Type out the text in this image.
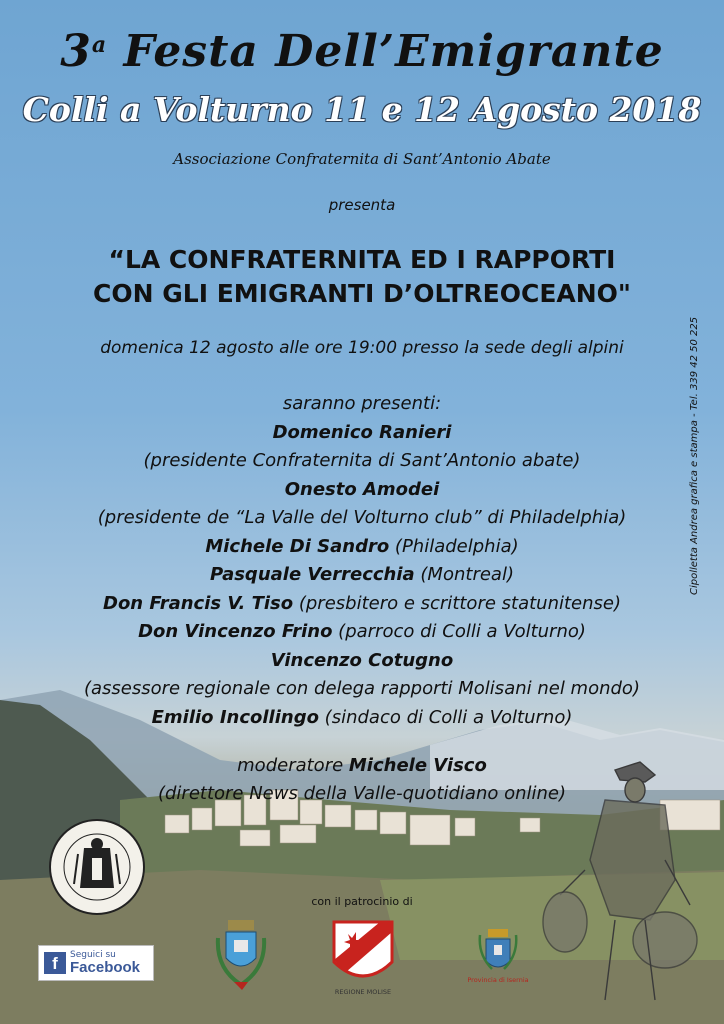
3$^a$ Festa Dell’Emigrante
Colli a Volturno 11 e 12 Agosto 2018
Associazione Confraternita di Sant’Antonio Abate
presenta
“LA CONFRATERNITA ED I RAPPORTI
CON GLI EMIGRANTI D’OLTREOCEANO"
domenica 12 agosto alle ore 19:00 presso la sede degli alpini
saranno presenti:
Domenico Ranieri
(presidente Confraternita di Sant’Antonio abate)
Onesto Amodei
(presidente de “La Valle del Volturno club” di Philadelphia)
Michele Di Sandro (Philadelphia)
Pasquale Verrecchia (Montreal)
Don Francis V. Tiso (presbitero e scrittore statunitense)
Don Vincenzo Frino (parroco di Colli a Volturno)
Vincenzo Cotugno
(assessore regionale con delega rapporti Molisani nel mondo)
Emilio Incollingo (sindaco di Colli a Volturno)
moderatore Michele Visco
(direttore News della Valle-quotidiano online)
Cipolletta Andrea grafica e stampa - Tel. 339 42 50 225
f	Seguici su
Facebook
con il patrocinio di
REGIONE MOLISE
Provincia di Isernia
